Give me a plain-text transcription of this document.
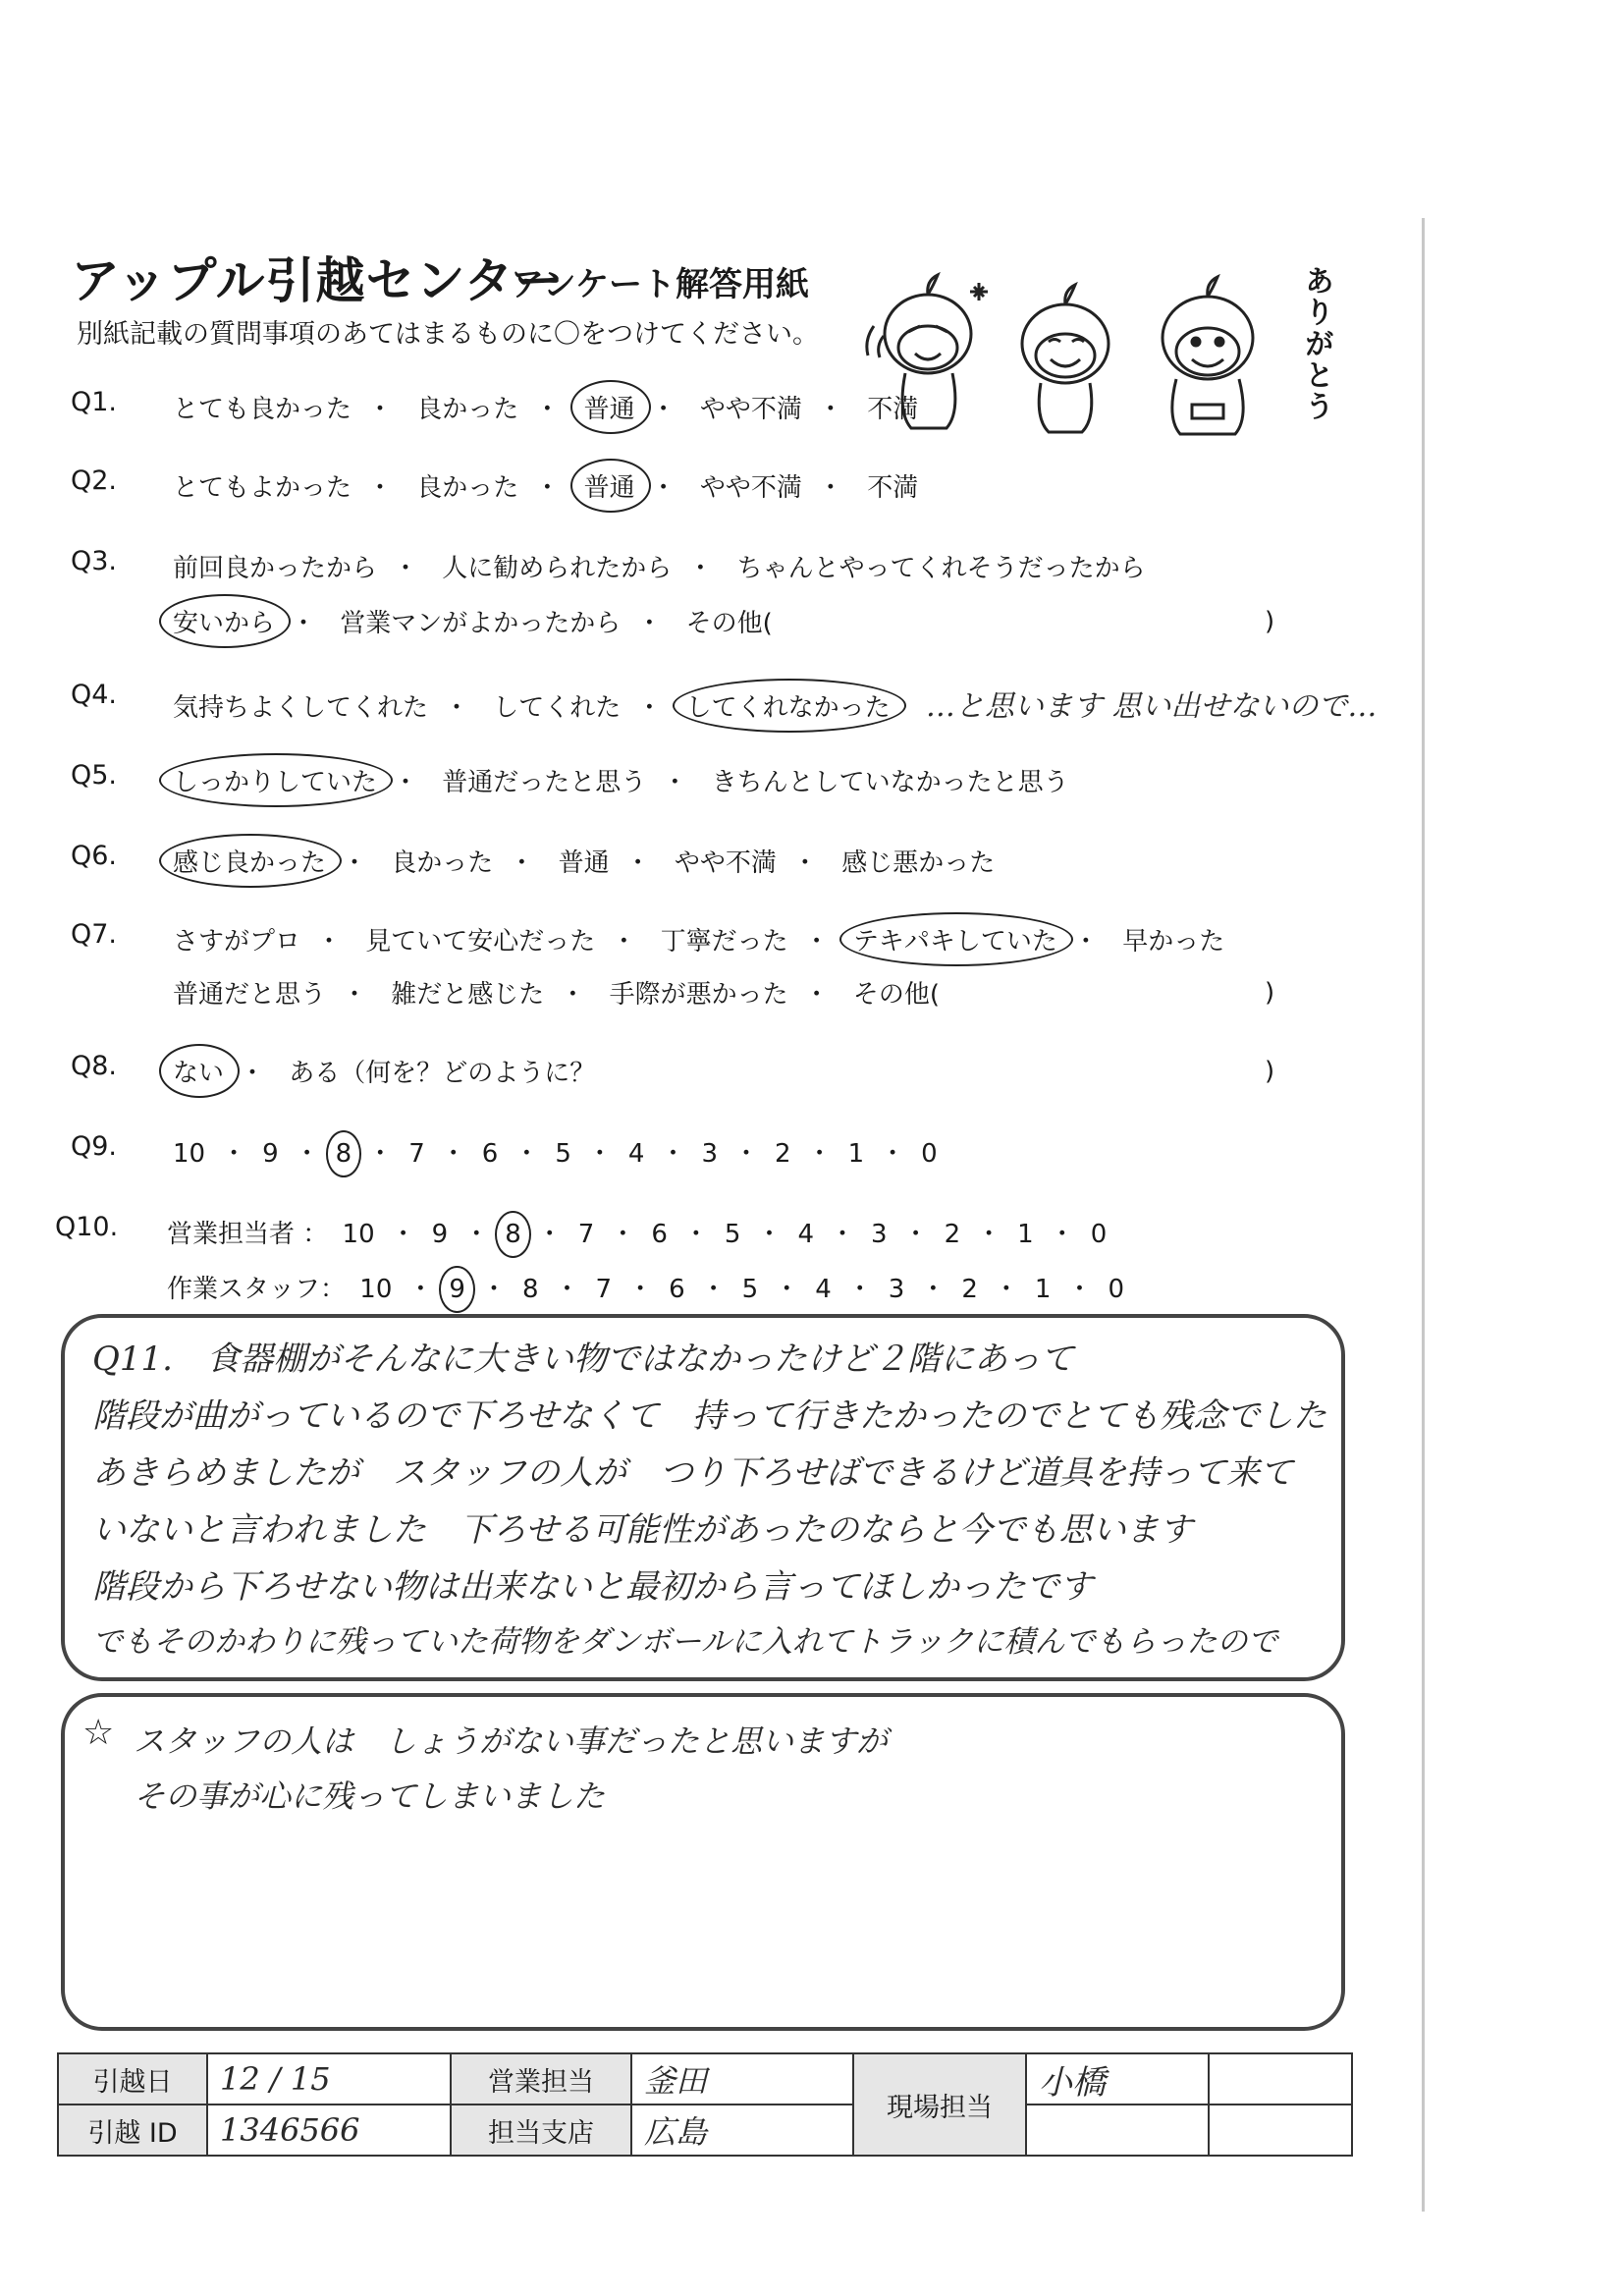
アップル引越センター
アンケート解答用紙
別紙記載の質問事項のあてはまるものに〇をつけてください。	ありがとう
Q1. とても良かった ・ 良かった ・ 普通 ・ やや不満 ・ 不満
Q2. とてもよかった ・ 良かった ・ 普通 ・ やや不満 ・ 不満
Q3. 前回良かったから ・ 人に勧められたから ・ ちゃんとやってくれそうだったから
安いから ・ 営業マンがよかったから ・ その他(	)
Q4. 気持ちよくしてくれた ・ してくれた ・ してくれなかった …と思います 思い出せないので…
Q5. しっかりしていた ・ 普通だったと思う ・ きちんとしていなかったと思う
Q6. 感じ良かった ・ 良かった ・ 普通 ・ やや不満 ・ 感じ悪かった
Q7. さすがプロ ・ 見ていて安心だった ・ 丁寧だった ・ テキパキしていた ・ 早かった
普通だと思う ・ 雑だと感じた ・ 手際が悪かった ・ その他(	)
Q8. ない ・ ある（何を？どのように？	)
Q9. 10 ・ 9 ・ 8 ・ 7 ・ 6 ・ 5 ・ 4 ・ 3 ・ 2 ・ 1 ・ 0
Q10. 営業担当者 ： 10 ・ 9 ・ 8 ・ 7 ・ 6 ・ 5 ・ 4 ・ 3 ・ 2 ・ 1 ・ 0
作業スタッフ： 10 ・ 9 ・ 8 ・ 7 ・ 6 ・ 5 ・ 4 ・ 3 ・ 2 ・ 1 ・ 0
Q11.　食器棚がそんなに大きい物ではなかったけど２階にあって
階段が曲がっているので下ろせなくて　持って行きたかったのでとても残念でした
あきらめましたが　スタッフの人が　つり下ろせばできるけど道具を持って来て
いないと言われました　下ろせる可能性があったのならと今でも思います
階段から下ろせない物は出来ないと最初から言ってほしかったです
でもそのかわりに残っていた荷物をダンボールに入れてトラックに積んでもらったので
☆ スタッフの人は　しょうがない事だったと思いますが
その事が心に残ってしまいました
引越日	12 / 15	営業担当	釜田	現場担当	小橋	
引越 ID	1346566	担当支店	広島			
